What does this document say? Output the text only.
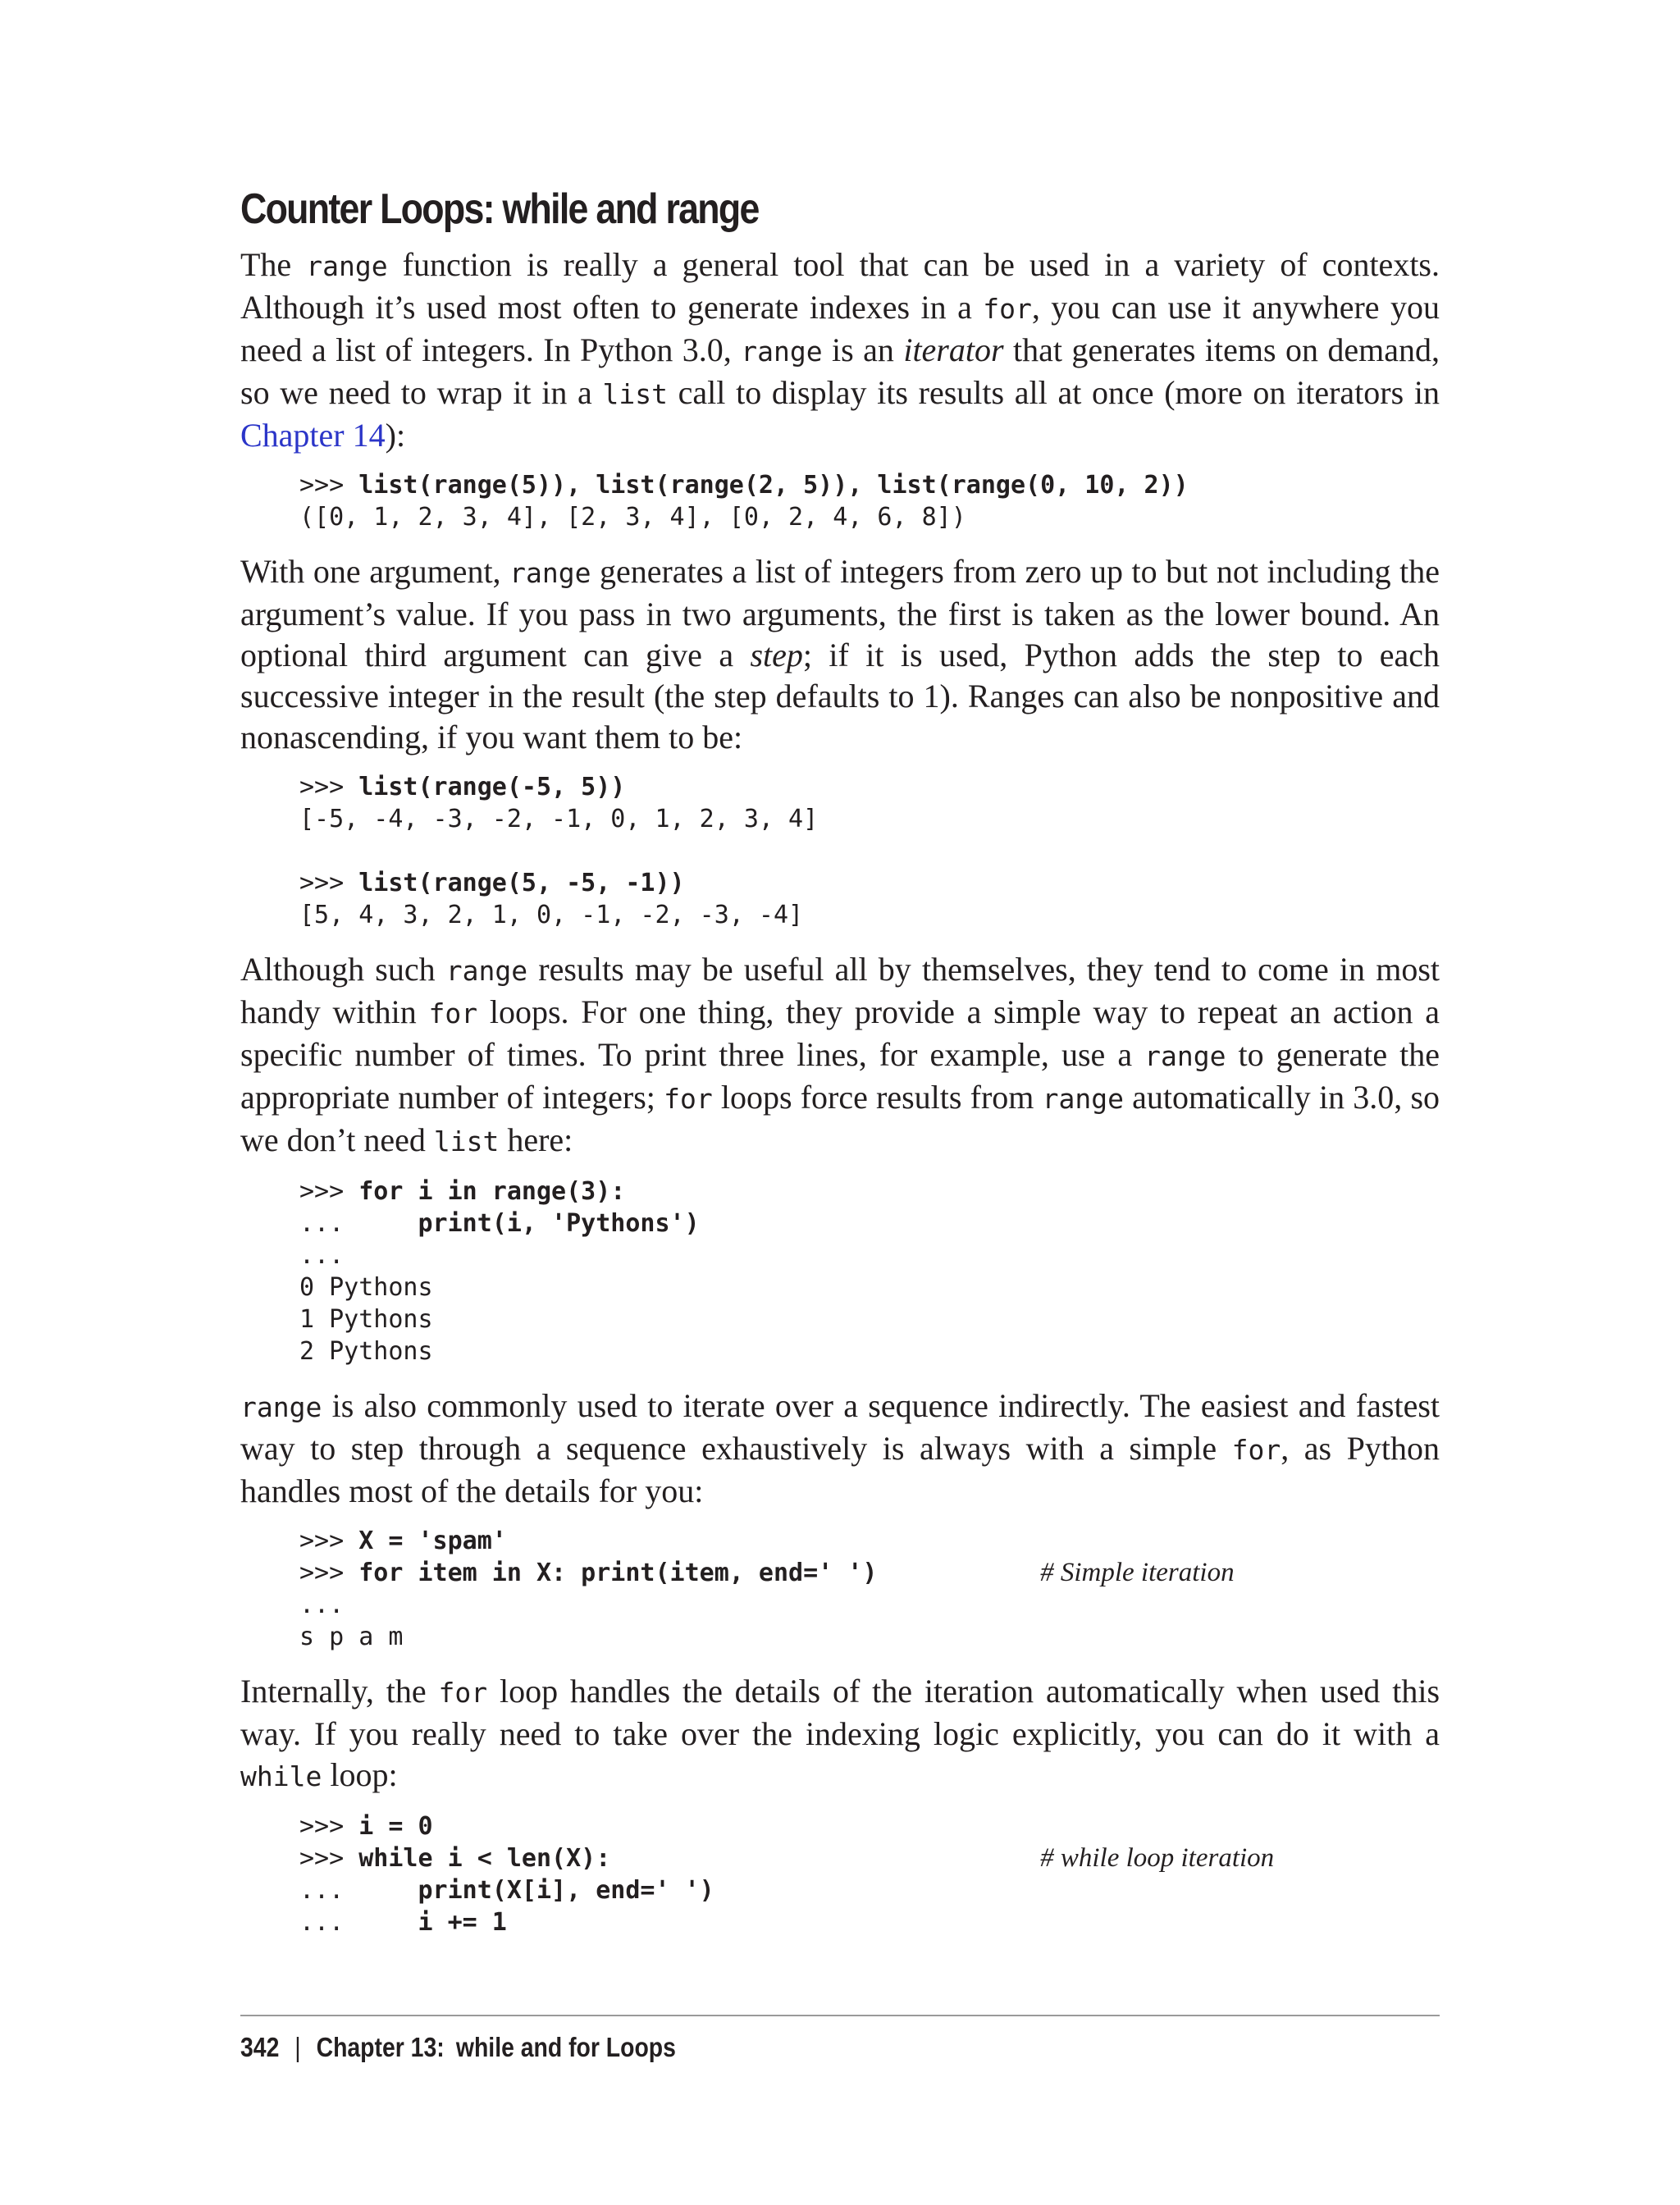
Counter Loops: while and range

The range function is really a general tool that can be used in a variety of contexts. Although it’s used most often to generate indexes in a for, you can use it anywhere you need a list of integers. In Python 3.0, range is an iterator that generates items on demand, so we need to wrap it in a list call to display its results all at once (more on iterators in Chapter 14):

>>> list(range(5)), list(range(2, 5)), list(range(0, 10, 2))
([0, 1, 2, 3, 4], [2, 3, 4], [0, 2, 4, 6, 8])

With one argument, range generates a list of integers from zero up to but not including the argument’s value. If you pass in two arguments, the first is taken as the lower bound. An optional third argument can give a step; if it is used, Python adds the step to each successive integer in the result (the step defaults to 1). Ranges can also be nonpositive and nonascending, if you want them to be:

>>> list(range(-5, 5))
[-5, -4, -3, -2, -1, 0, 1, 2, 3, 4]

>>> list(range(5, -5, -1))
[5, 4, 3, 2, 1, 0, -1, -2, -3, -4]

Although such range results may be useful all by themselves, they tend to come in most handy within for loops. For one thing, they provide a simple way to repeat an action a specific number of times. To print three lines, for example, use a range to generate the appropriate number of integers; for loops force results from range automatically in 3.0, so we don’t need list here:

>>> for i in range(3):
...     print(i, 'Pythons')
...
0 Pythons
1 Pythons
2 Pythons

range is also commonly used to iterate over a sequence indirectly. The easiest and fastest way to step through a sequence exhaustively is always with a simple for, as Python handles most of the details for you:

>>> X = 'spam'
>>> for item in X: print(item, end=' ')	# Simple iteration
...
s p a m

Internally, the for loop handles the details of the iteration automatically when used this way. If you really need to take over the indexing logic explicitly, you can do it with a while loop:

>>> i = 0
>>> while i < len(X):	# while loop iteration
...     print(X[i], end=' ')
...     i += 1
342 | Chapter 13: while and for Loops
